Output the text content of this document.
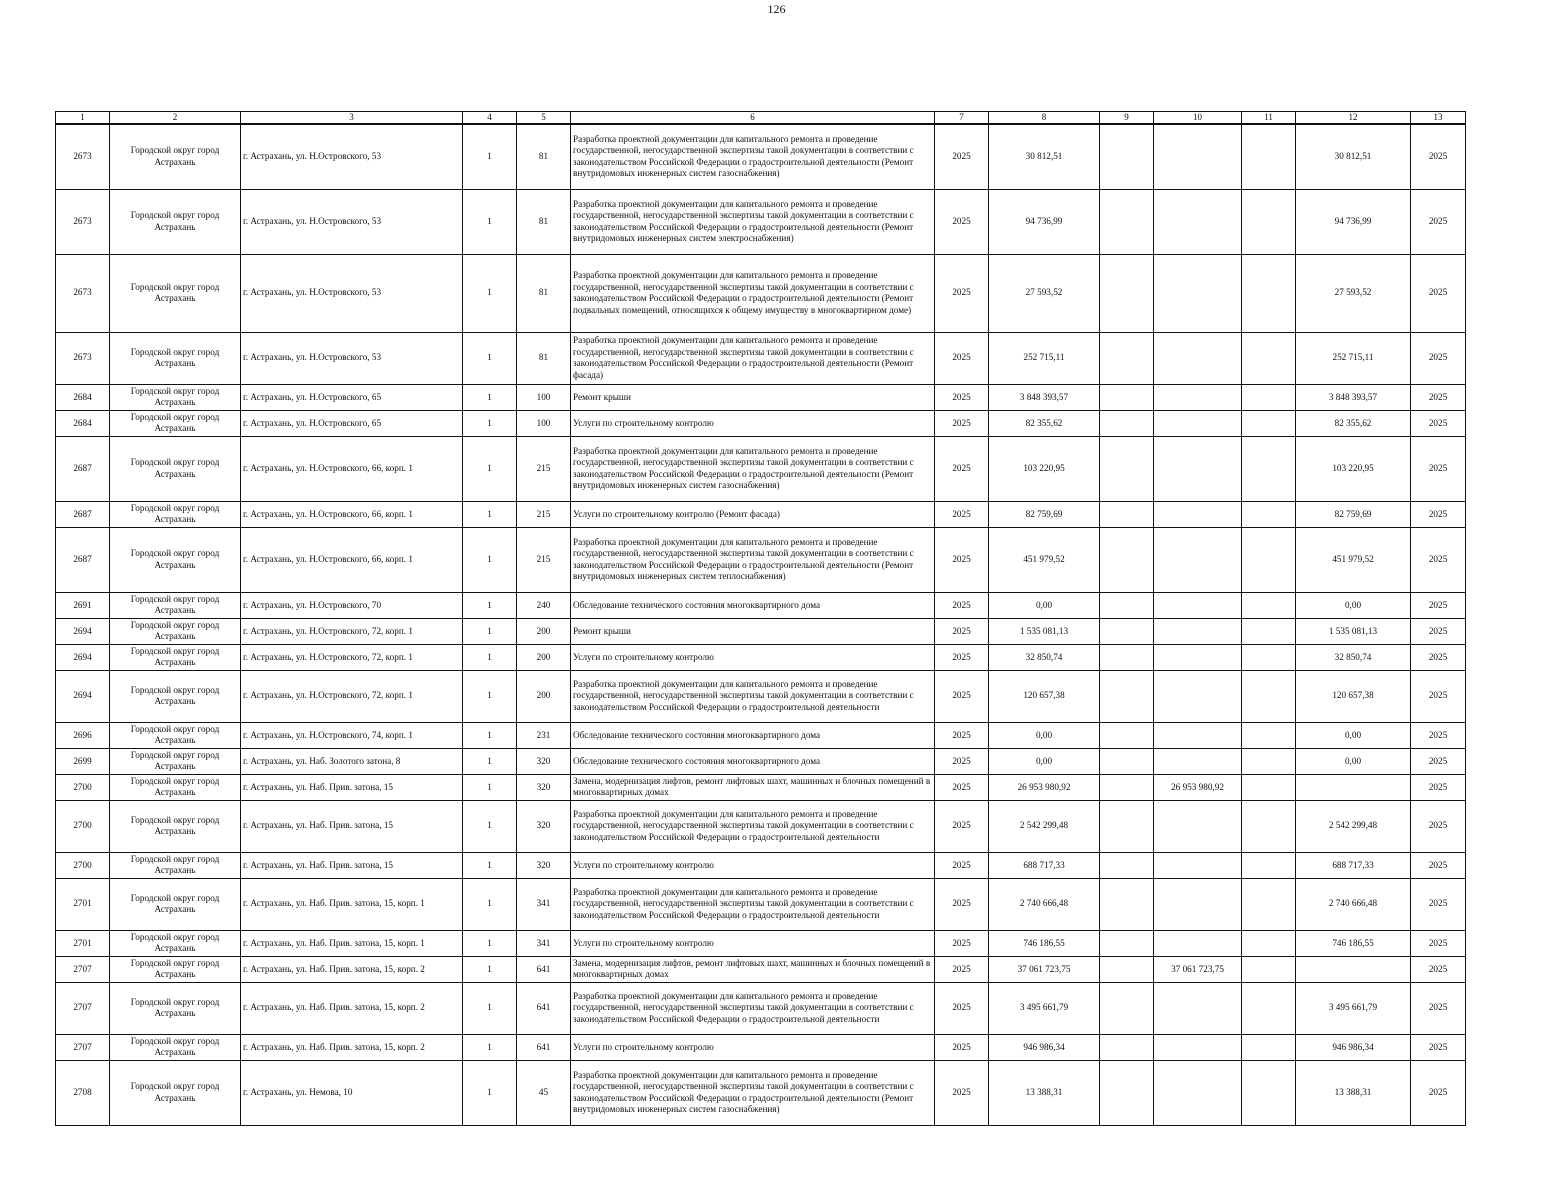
126
1	2	3	4	5	6	7	8	9	10	11	12	13
2673	Городской округ город Астрахань	г. Астрахань, ул. Н.Островского, 53	1	81	Разработка проектной документации для капитального ремонта и проведение государственной, негосударственной экспертизы такой документации в соответствии с законодательством Российской Федерации о градостроительной деятельности (Ремонт внутридомовых инженерных систем газоснабжения)	2025	30 812,51				30 812,51	2025
2673	Городской округ город Астрахань	г. Астрахань, ул. Н.Островского, 53	1	81	Разработка проектной документации для капитального ремонта и проведение государственной, негосударственной экспертизы такой документации в соответствии с законодательством Российской Федерации о градостроительной деятельности (Ремонт внутридомовых инженерных систем электроснабжения)	2025	94 736,99				94 736,99	2025
2673	Городской округ город Астрахань	г. Астрахань, ул. Н.Островского, 53	1	81	Разработка проектной документации для капитального ремонта и проведение государственной, негосударственной экспертизы такой документации в соответствии с законодательством Российской Федерации о градостроительной деятельности (Ремонт подвальных помещений, относящихся к общему имуществу в многоквартирном доме)	2025	27 593,52				27 593,52	2025
2673	Городской округ город Астрахань	г. Астрахань, ул. Н.Островского, 53	1	81	Разработка проектной документации для капитального ремонта и проведение государственной, негосударственной экспертизы такой документации в соответствии с законодательством Российской Федерации о градостроительной деятельности (Ремонт фасада)	2025	252 715,11				252 715,11	2025
2684	Городской округ город Астрахань	г. Астрахань, ул. Н.Островского, 65	1	100	Ремонт крыши	2025	3 848 393,57				3 848 393,57	2025
2684	Городской округ город Астрахань	г. Астрахань, ул. Н.Островского, 65	1	100	Услуги по строительному контролю	2025	82 355,62				82 355,62	2025
2687	Городской округ город Астрахань	г. Астрахань, ул. Н.Островского, 66, корп. 1	1	215	Разработка проектной документации для капитального ремонта и проведение государственной, негосударственной экспертизы такой документации в соответствии с законодательством Российской Федерации о градостроительной деятельности (Ремонт внутридомовых инженерных систем газоснабжения)	2025	103 220,95				103 220,95	2025
2687	Городской округ город Астрахань	г. Астрахань, ул. Н.Островского, 66, корп. 1	1	215	Услуги по строительному контролю (Ремонт фасада)	2025	82 759,69				82 759,69	2025
2687	Городской округ город Астрахань	г. Астрахань, ул. Н.Островского, 66, корп. 1	1	215	Разработка проектной документации для капитального ремонта и проведение государственной, негосударственной экспертизы такой документации в соответствии с законодательством Российской Федерации о градостроительной деятельности (Ремонт внутридомовых инженерных систем теплоснабжения)	2025	451 979,52				451 979,52	2025
2691	Городской округ город Астрахань	г. Астрахань, ул. Н.Островского, 70	1	240	Обследование технического состояния многоквартирного дома	2025	0,00				0,00	2025
2694	Городской округ город Астрахань	г. Астрахань, ул. Н.Островского, 72, корп. 1	1	200	Ремонт крыши	2025	1 535 081,13				1 535 081,13	2025
2694	Городской округ город Астрахань	г. Астрахань, ул. Н.Островского, 72, корп. 1	1	200	Услуги по строительному контролю	2025	32 850,74				32 850,74	2025
2694	Городской округ город Астрахань	г. Астрахань, ул. Н.Островского, 72, корп. 1	1	200	Разработка проектной документации для капитального ремонта и проведение государственной, негосударственной экспертизы такой документации в соответствии с законодательством Российской Федерации о градостроительной деятельности	2025	120 657,38				120 657,38	2025
2696	Городской округ город Астрахань	г. Астрахань, ул. Н.Островского, 74, корп. 1	1	231	Обследование технического состояния многоквартирного дома	2025	0,00				0,00	2025
2699	Городской округ город Астрахань	г. Астрахань, ул. Наб. Золотого затона, 8	1	320	Обследование технического состояния многоквартирного дома	2025	0,00				0,00	2025
2700	Городской округ город Астрахань	г. Астрахань, ул. Наб. Прив. затона, 15	1	320	Замена, модернизация лифтов, ремонт лифтовых шахт, машинных и блочных помещений в многоквартирных домах	2025	26 953 980,92		26 953 980,92			2025
2700	Городской округ город Астрахань	г. Астрахань, ул. Наб. Прив. затона, 15	1	320	Разработка проектной документации для капитального ремонта и проведение государственной, негосударственной экспертизы такой документации в соответствии с законодательством Российской Федерации о градостроительной деятельности	2025	2 542 299,48				2 542 299,48	2025
2700	Городской округ город Астрахань	г. Астрахань, ул. Наб. Прив. затона, 15	1	320	Услуги по строительному контролю	2025	688 717,33				688 717,33	2025
2701	Городской округ город Астрахань	г. Астрахань, ул. Наб. Прив. затона, 15, корп. 1	1	341	Разработка проектной документации для капитального ремонта и проведение государственной, негосударственной экспертизы такой документации в соответствии с законодательством Российской Федерации о градостроительной деятельности	2025	2 740 666,48				2 740 666,48	2025
2701	Городской округ город Астрахань	г. Астрахань, ул. Наб. Прив. затона, 15, корп. 1	1	341	Услуги по строительному контролю	2025	746 186,55				746 186,55	2025
2707	Городской округ город Астрахань	г. Астрахань, ул. Наб. Прив. затона, 15, корп. 2	1	641	Замена, модернизация лифтов, ремонт лифтовых шахт, машинных и блочных помещений в многоквартирных домах	2025	37 061 723,75		37 061 723,75			2025
2707	Городской округ город Астрахань	г. Астрахань, ул. Наб. Прив. затона, 15, корп. 2	1	641	Разработка проектной документации для капитального ремонта и проведение государственной, негосударственной экспертизы такой документации в соответствии с законодательством Российской Федерации о градостроительной деятельности	2025	3 495 661,79				3 495 661,79	2025
2707	Городской округ город Астрахань	г. Астрахань, ул. Наб. Прив. затона, 15, корп. 2	1	641	Услуги по строительному контролю	2025	946 986,34				946 986,34	2025
2708	Городской округ город Астрахань	г. Астрахань, ул. Немова, 10	1	45	Разработка проектной документации для капитального ремонта и проведение государственной, негосударственной экспертизы такой документации в соответствии с законодательством Российской Федерации о градостроительной деятельности (Ремонт внутридомовых инженерных систем газоснабжения)	2025	13 388,31				13 388,31	2025
